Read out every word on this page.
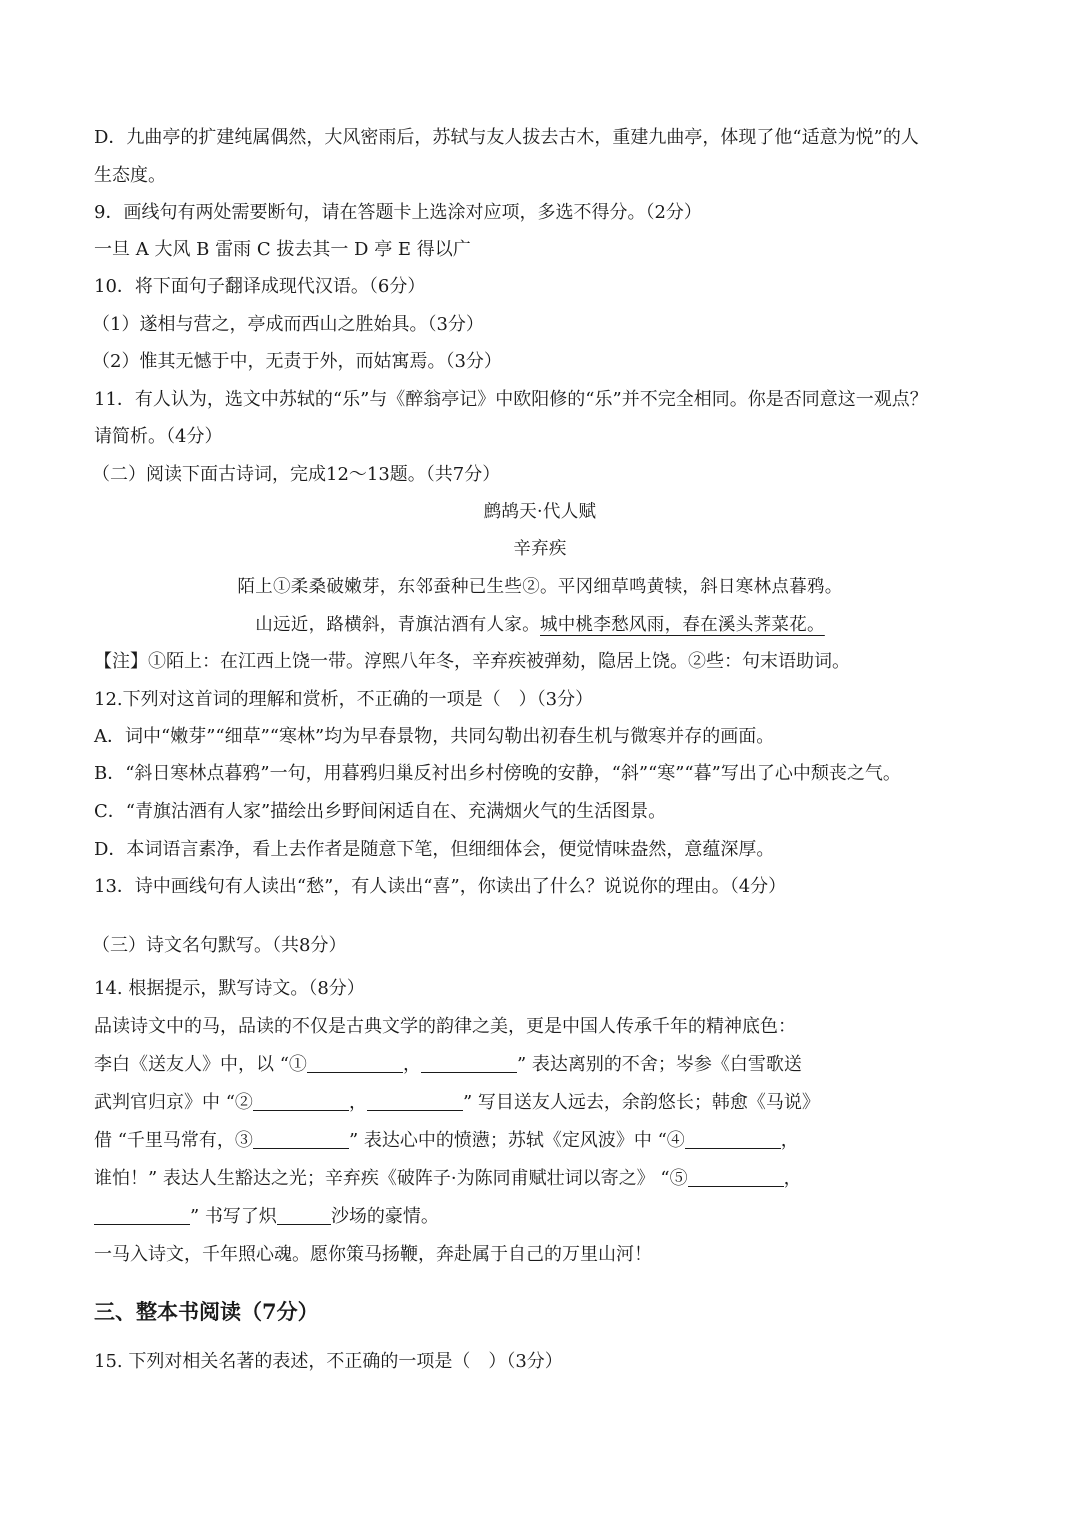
D．九曲亭的扩建纯属偶然，大风密雨后，苏轼与友人拔去古木，重建九曲亭，体现了他“适意为悦”的人

生态度。

9．画线句有两处需要断句，请在答题卡上选涂对应项，多选不得分。（2分）

一旦 A 大风 B 雷雨 C 拔去其一 D 亭 E 得以广

10．将下面句子翻译成现代汉语。（6分）

（1）遂相与营之，亭成而西山之胜始具。（3分）

（2）惟其无憾于中，无责于外，而姑寓焉。（3分）

11．有人认为，选文中苏轼的“乐”与《醉翁亭记》中欧阳修的“乐”并不完全相同。你是否同意这一观点？

请简析。（4分）

（二）阅读下面古诗词，完成12～13题。（共7分）

鹧鸪天·代人赋

辛弃疾

陌上①柔桑破嫩芽，东邻蚕种已生些②。平冈细草鸣黄犊，斜日寒林点暮鸦。

山远近，路横斜，青旗沽酒有人家。城中桃李愁风雨，春在溪头荠菜花。

【注】①陌上：在江西上饶一带。淳熙八年冬，辛弃疾被弹劾，隐居上饶。②些：句末语助词。

12.下列对这首词的理解和赏析，不正确的一项是（　）（3分）

A．词中“嫩芽”“细草”“寒林”均为早春景物，共同勾勒出初春生机与微寒并存的画面。

B．“斜日寒林点暮鸦”一句，用暮鸦归巢反衬出乡村傍晚的安静，“斜”“寒”“暮”写出了心中颓丧之气。

C．“青旗沽酒有人家”描绘出乡野间闲适自在、充满烟火气的生活图景。

D．本词语言素净，看上去作者是随意下笔，但细细体会，便觉情味盎然，意蕴深厚。

13．诗中画线句有人读出“愁”，有人读出“喜”，你读出了什么？说说你的理由。（4分）

（三）诗文名句默写。（共8分）

14. 根据提示，默写诗文。（8分）

品读诗文中的马，品读的不仅是古典文学的韵律之美，更是中国人传承千年的精神底色：

李白《送友人》中，以 “①	，	” 表达离别的不舍；岑参《白雪歌送

武判官归京》中 “②	，	” 写目送友人远去，余韵悠长；韩愈《马说》

借 “千里马常有，③	” 表达心中的愤懑；苏轼《定风波》中 “④	，

谁怕！” 表达人生豁达之光；辛弃疾《破阵子·为陈同甫赋壮词以寄之》 “⑤	，

” 书写了炽	沙场的豪情。

一马入诗文，千年照心魂。愿你策马扬鞭，奔赴属于自己的万里山河！

三、整本书阅读（7分）

15. 下列对相关名著的表述，不正确的一项是（　）（3分）
